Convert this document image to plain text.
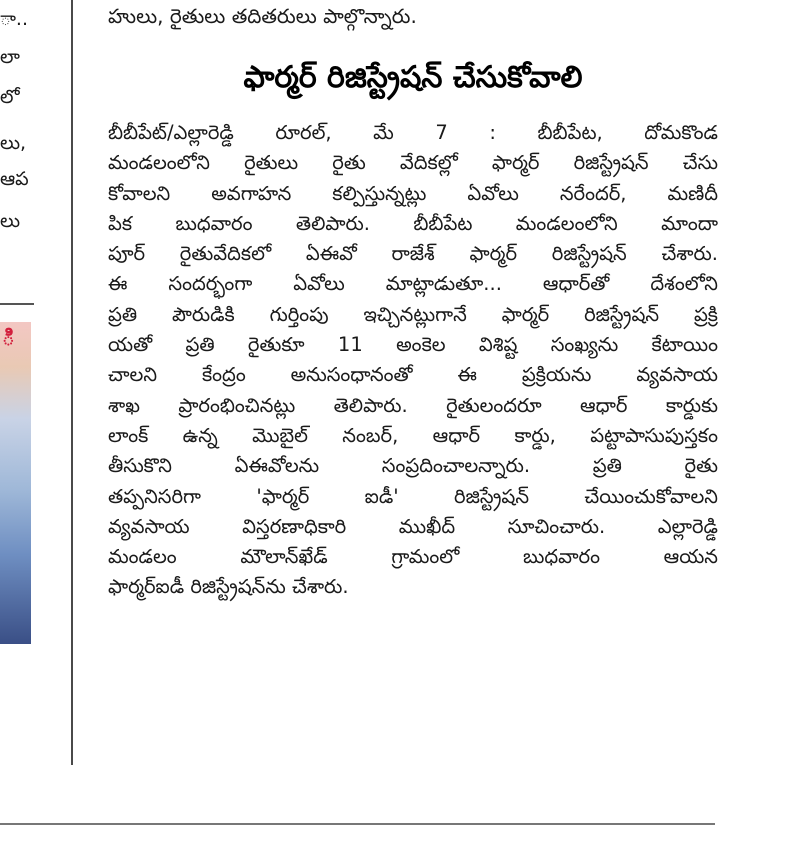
ా..
లా
లో
లు,
ఆప
లు
ి
హులు, రైతులు తదితరులు పాల్గొన్నారు.
ఫార్మర్ రిజిస్ట్రేషన్ చేసుకోవాలి
బీబీపేట్/ఎల్లారెడ్డి రూరల్, మే 7 : బీబీపేట, దోమకొండ
మండలంలోని రైతులు రైతు వేదికల్లో ఫార్మర్ రిజిస్ట్రేషన్ చేసు
కోవాలని అవగాహన కల్పిస్తున్నట్లు ఏవోలు నరేందర్, మణిదీ
పిక బుధవారం తెలిపారు. బీబీపేట మండలంలోని మాందా
పూర్ రైతువేదికలో ఏఈవో రాజేశ్ ఫార్మర్ రిజిస్ట్రేషన్ చేశారు.
ఈ సందర్భంగా ఏవోలు మాట్లాడుతూ... ఆధార్‌తో దేశంలోని
ప్రతి పౌరుడికి గుర్తింపు ఇచ్చినట్లుగానే ఫార్మర్ రిజిస్ట్రేషన్ ప్రక్రి
యతో ప్రతి రైతుకూ 11 అంకెల విశిష్ట సంఖ్యను కేటాయిం
చాలని కేంద్రం అనుసంధానంతో ఈ ప్రక్రియను వ్యవసాయ
శాఖ ప్రారంభించినట్లు తెలిపారు. రైతులందరూ ఆధార్ కార్డుకు
లాంక్ ఉన్న మొబైల్ నంబర్, ఆధార్ కార్డు, పట్టాపాసుపుస్తకం
తీసుకొని ఏఈవోలను సంప్రదించాలన్నారు. ప్రతి రైతు
తప్పనిసరిగా 'ఫార్మర్ ఐడీ' రిజిస్ట్రేషన్ చేయించుకోవాలని
వ్యవసాయ విస్తరణాధికారి ముఖీద్ సూచించారు. ఎల్లారెడ్డి
మండలం మౌలాన్‌ఖేడ్ గ్రామంలో బుధవారం ఆయన
ఫార్మర్‌ఐడీ రిజిస్ట్రేషన్‌ను చేశారు.
